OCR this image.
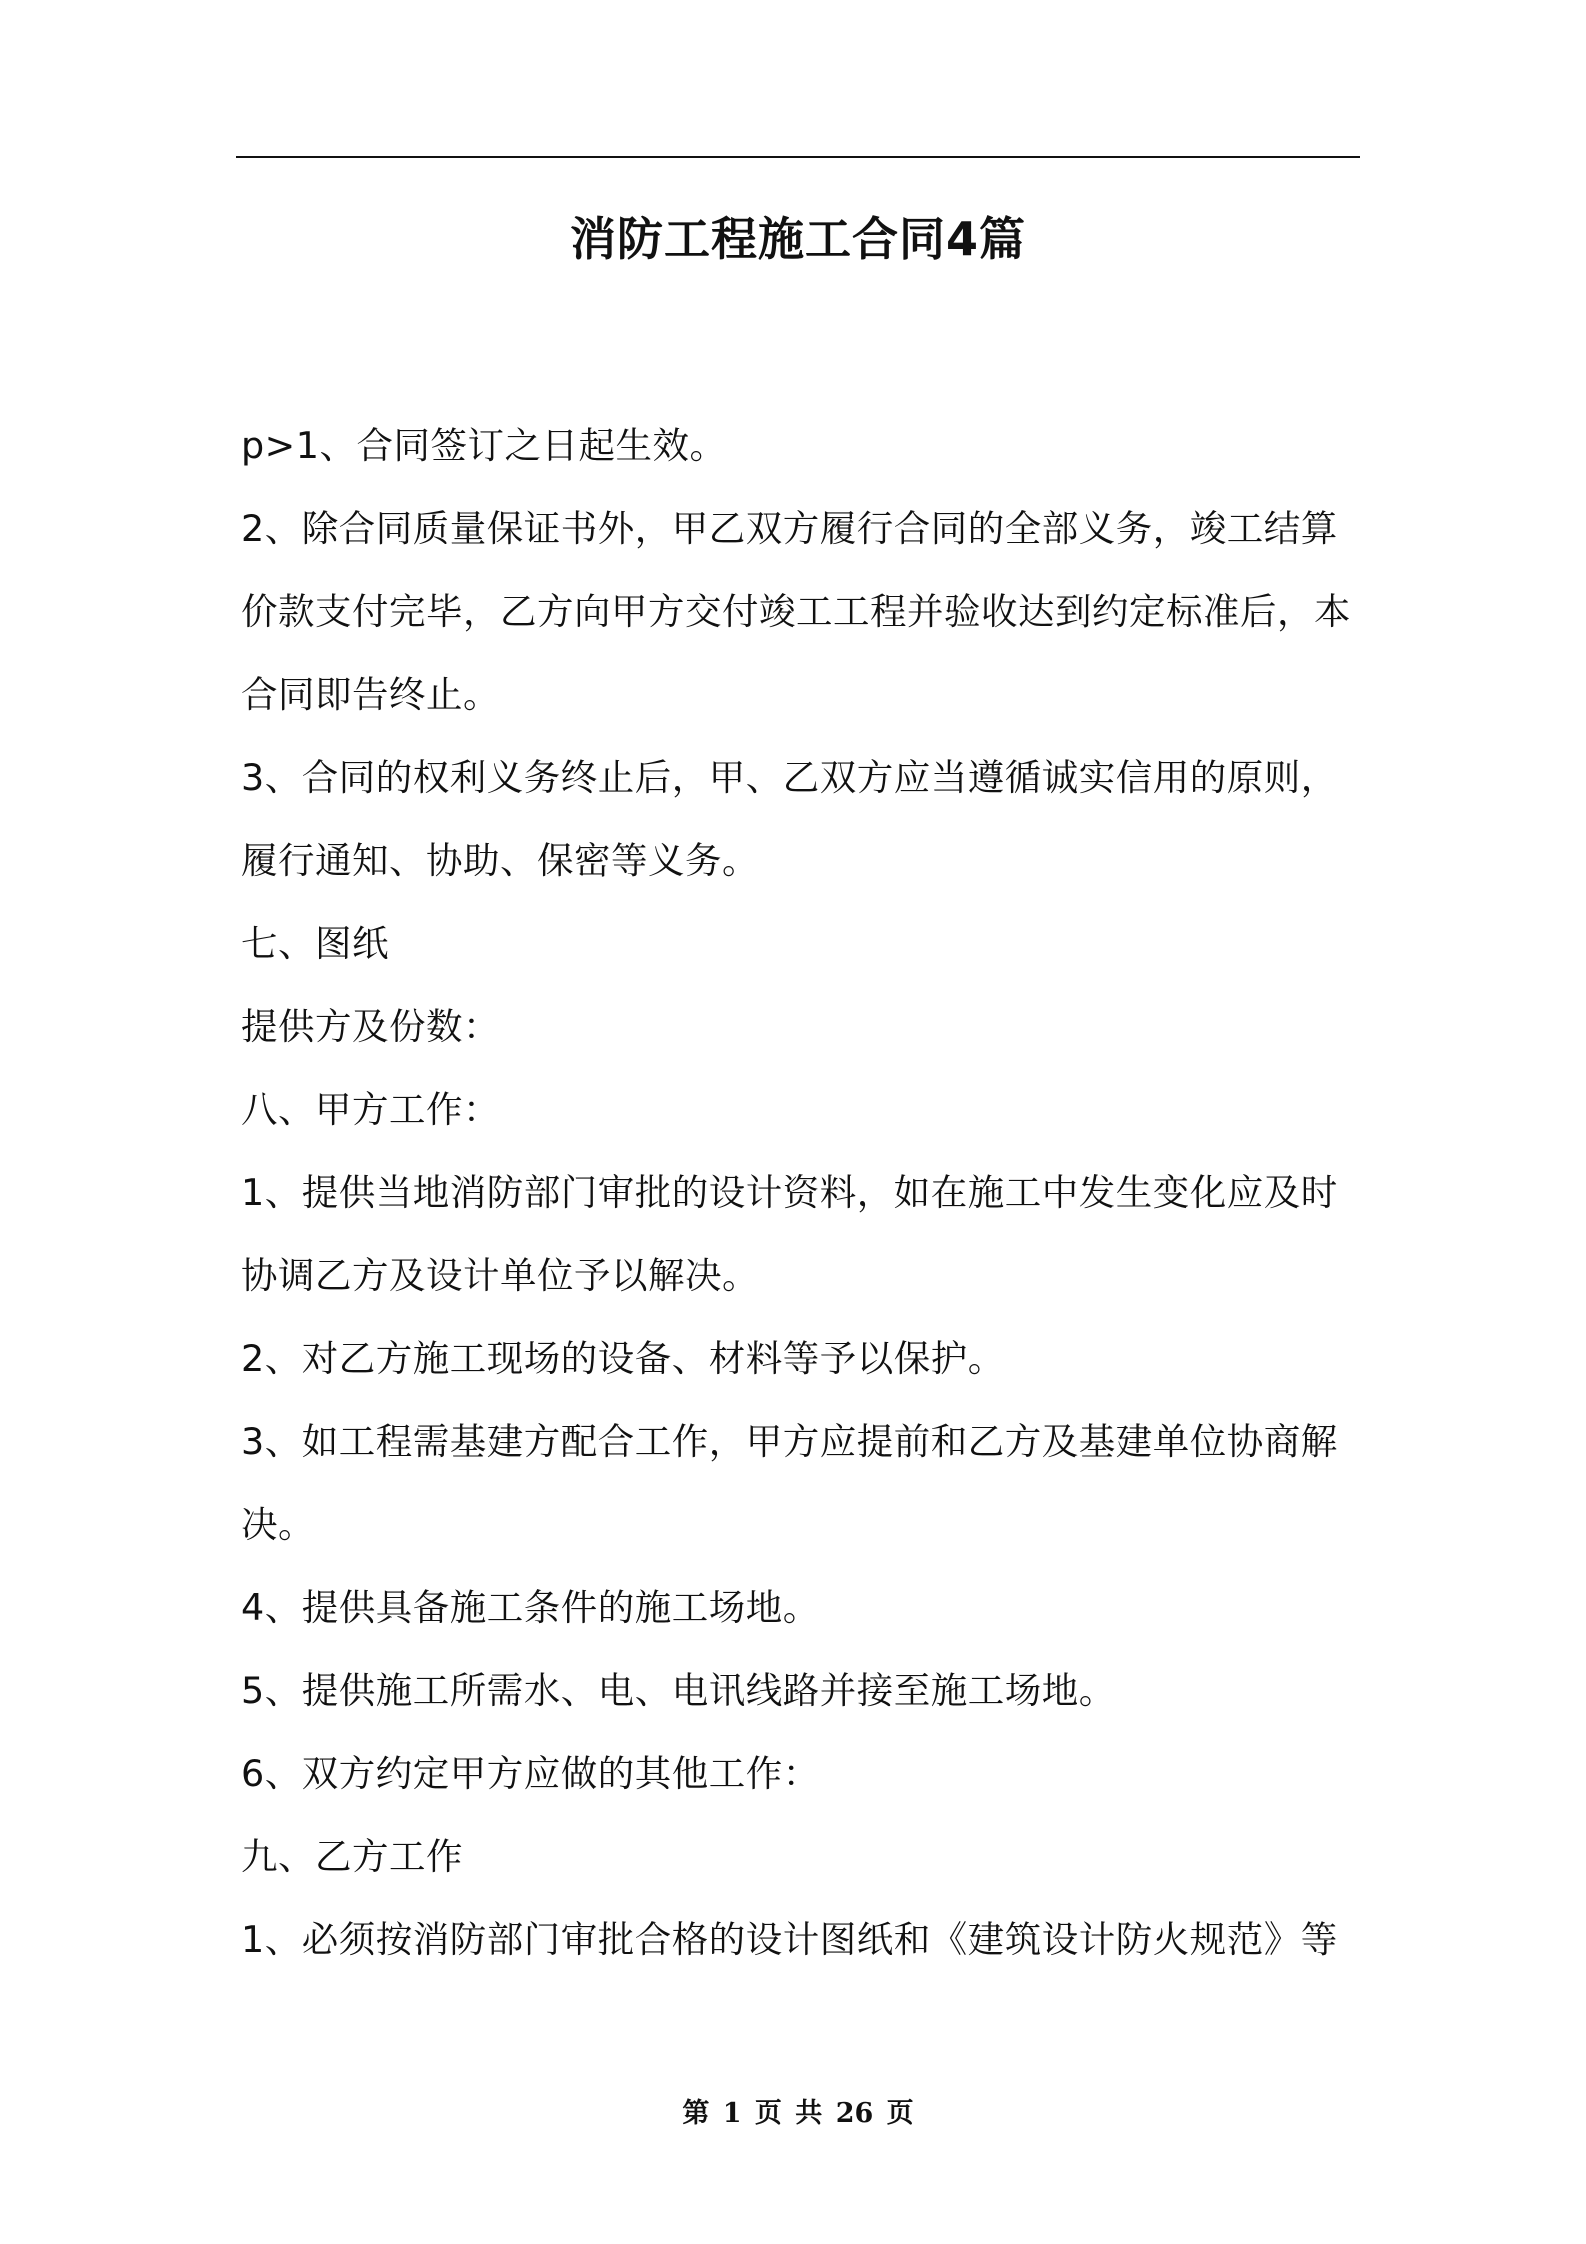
消防工程施工合同4篇

p>1、合同签订之日起生效。

2、除合同质量保证书外，甲乙双方履行合同的全部义务，竣工结算

价款支付完毕，乙方向甲方交付竣工工程并验收达到约定标准后，本

合同即告终止。

3、合同的权利义务终止后，甲、乙双方应当遵循诚实信用的原则，

履行通知、协助、保密等义务。

七、图纸

提供方及份数：

八、甲方工作：

1、提供当地消防部门审批的设计资料，如在施工中发生变化应及时

协调乙方及设计单位予以解决。

2、对乙方施工现场的设备、材料等予以保护。

3、如工程需基建方配合工作，甲方应提前和乙方及基建单位协商解

决。

4、提供具备施工条件的施工场地。

5、提供施工所需水、电、电讯线路并接至施工场地。

6、双方约定甲方应做的其他工作：

九、乙方工作

1、必须按消防部门审批合格的设计图纸和《建筑设计防火规范》等

第 1 页 共 26 页
